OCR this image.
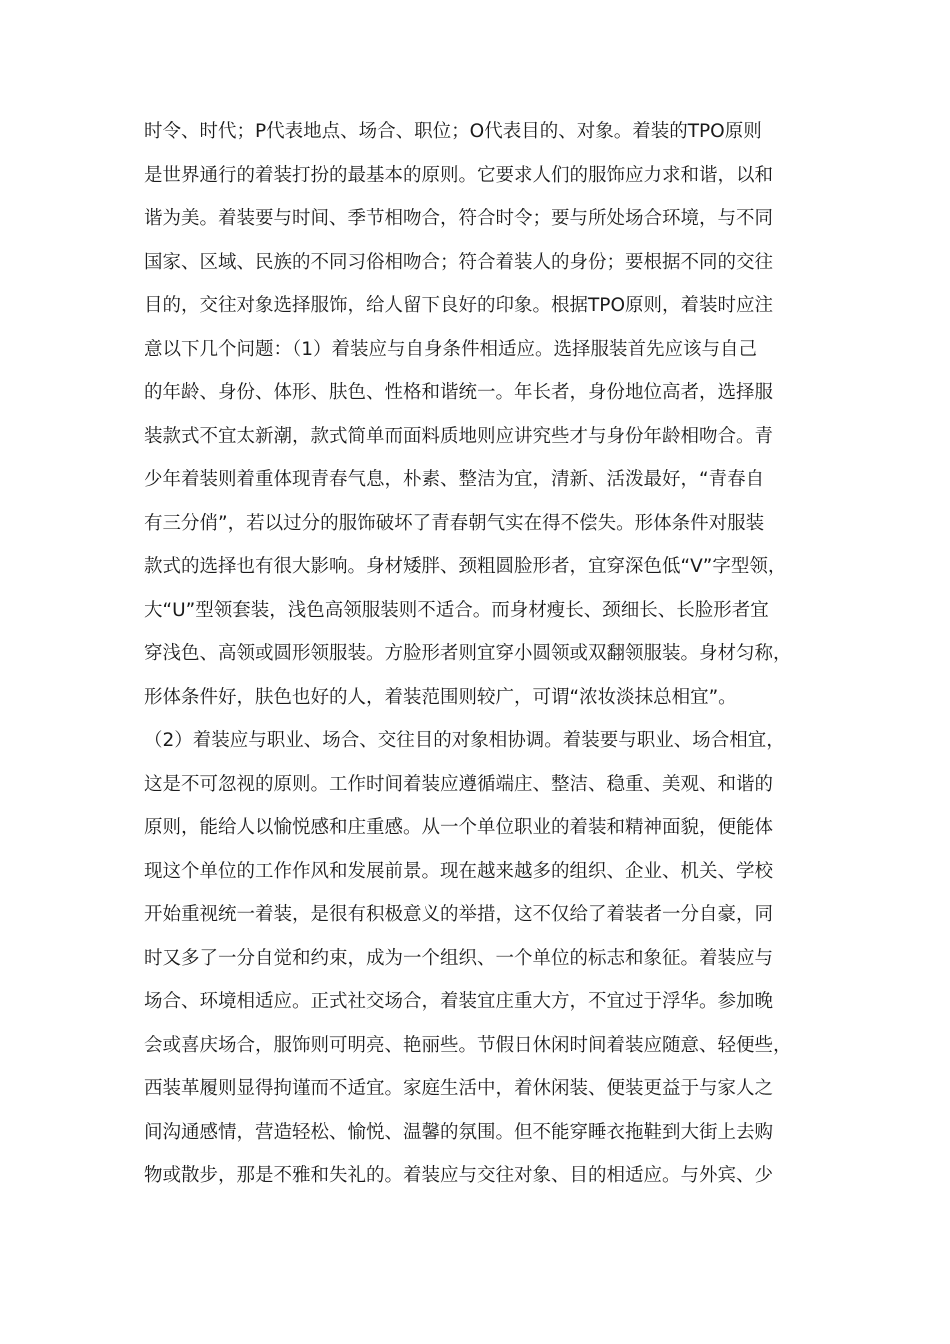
时令、时代；P代表地点、场合、职位；O代表目的、对象。着装的TPO原则
是世界通行的着装打扮的最基本的原则。它要求人们的服饰应力求和谐，以和
谐为美。着装要与时间、季节相吻合，符合时令；要与所处场合环境，与不同
国家、区域、民族的不同习俗相吻合；符合着装人的身份；要根据不同的交往
目的，交往对象选择服饰，给人留下良好的印象。根据TPO原则，着装时应注
意以下几个问题：（1）着装应与自身条件相适应。选择服装首先应该与自己
的年龄、身份、体形、肤色、性格和谐统一。年长者，身份地位高者，选择服
装款式不宜太新潮，款式简单而面料质地则应讲究些才与身份年龄相吻合。青
少年着装则着重体现青春气息，朴素、整洁为宜，清新、活泼最好，“青春自
有三分俏”，若以过分的服饰破坏了青春朝气实在得不偿失。形体条件对服装
款式的选择也有很大影响。身材矮胖、颈粗圆脸形者，宜穿深色低“V”字型领，
大“U”型领套装，浅色高领服装则不适合。而身材瘦长、颈细长、长脸形者宜
穿浅色、高领或圆形领服装。方脸形者则宜穿小圆领或双翻领服装。身材匀称，
形体条件好，肤色也好的人，着装范围则较广，可谓“浓妆淡抹总相宜”。
（2）着装应与职业、场合、交往目的对象相协调。着装要与职业、场合相宜，
这是不可忽视的原则。工作时间着装应遵循端庄、整洁、稳重、美观、和谐的
原则，能给人以愉悦感和庄重感。从一个单位职业的着装和精神面貌，便能体
现这个单位的工作作风和发展前景。现在越来越多的组织、企业、机关、学校
开始重视统一着装，是很有积极意义的举措，这不仅给了着装者一分自豪，同
时又多了一分自觉和约束，成为一个组织、一个单位的标志和象征。着装应与
场合、环境相适应。正式社交场合，着装宜庄重大方，不宜过于浮华。参加晚
会或喜庆场合，服饰则可明亮、艳丽些。节假日休闲时间着装应随意、轻便些，
西装革履则显得拘谨而不适宜。家庭生活中，着休闲装、便装更益于与家人之
间沟通感情，营造轻松、愉悦、温馨的氛围。但不能穿睡衣拖鞋到大街上去购
物或散步，那是不雅和失礼的。着装应与交往对象、目的相适应。与外宾、少
